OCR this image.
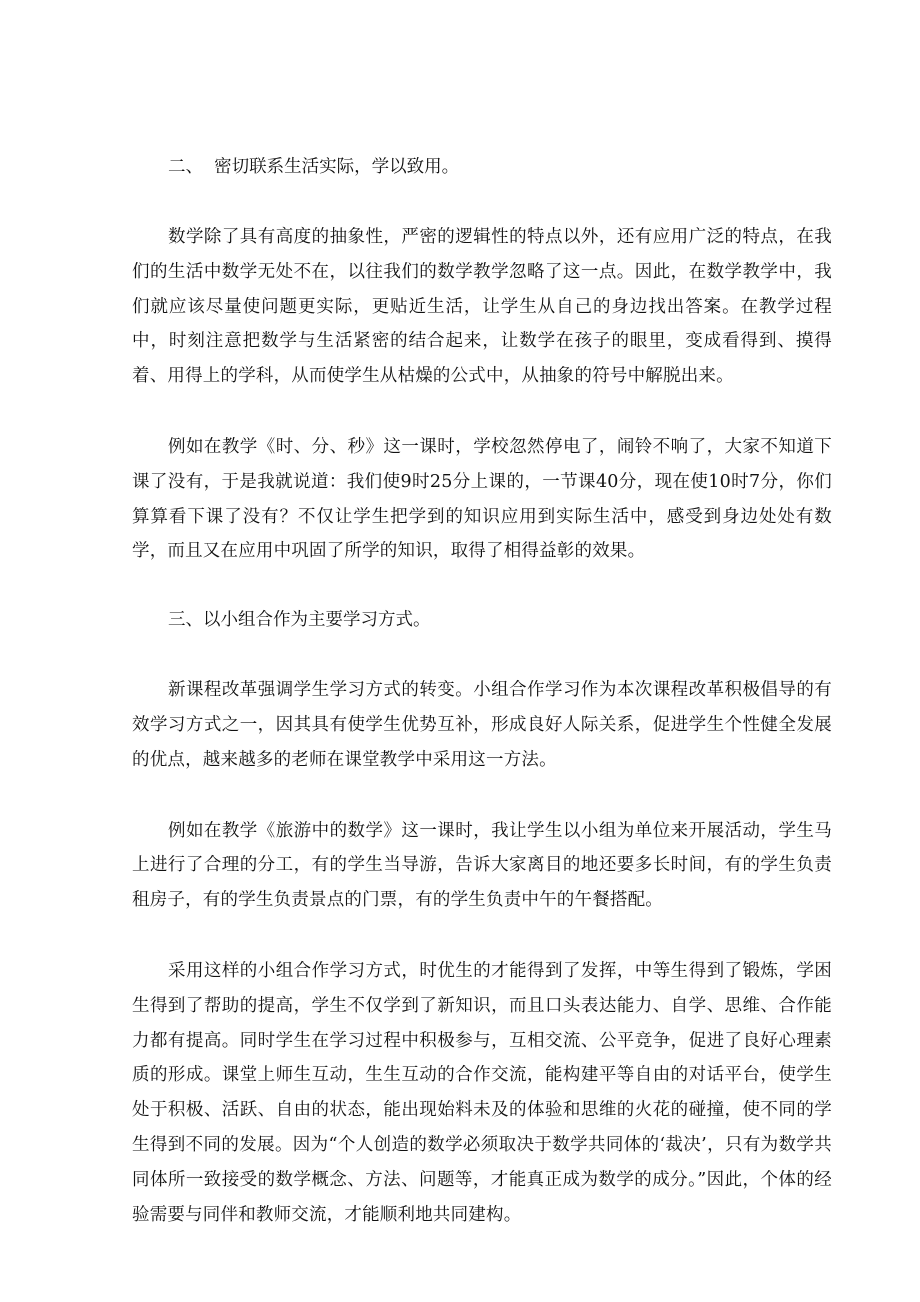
二、  密切联系生活实际，学以致用。

数学除了具有高度的抽象性，严密的逻辑性的特点以外，还有应用广泛的特点，在我们的生活中数学无处不在，以往我们的数学教学忽略了这一点。因此，在数学教学中，我们就应该尽量使问题更实际，更贴近生活，让学生从自己的身边找出答案。在教学过程中，时刻注意把数学与生活紧密的结合起来，让数学在孩子的眼里，变成看得到、摸得着、用得上的学科，从而使学生从枯燥的公式中，从抽象的符号中解脱出来。

例如在教学《时、分、秒》这一课时，学校忽然停电了，闹铃不响了，大家不知道下课了没有，于是我就说道：我们使9时25分上课的，一节课40分，现在使10时7分，你们算算看下课了没有？不仅让学生把学到的知识应用到实际生活中，感受到身边处处有数学，而且又在应用中巩固了所学的知识，取得了相得益彰的效果。

三、以小组合作为主要学习方式。

新课程改革强调学生学习方式的转变。小组合作学习作为本次课程改革积极倡导的有效学习方式之一，因其具有使学生优势互补，形成良好人际关系，促进学生个性健全发展的优点，越来越多的老师在课堂教学中采用这一方法。

例如在教学《旅游中的数学》这一课时，我让学生以小组为单位来开展活动，学生马上进行了合理的分工，有的学生当导游，告诉大家离目的地还要多长时间，有的学生负责租房子，有的学生负责景点的门票，有的学生负责中午的午餐搭配。

采用这样的小组合作学习方式，时优生的才能得到了发挥，中等生得到了锻炼，学困生得到了帮助的提高，学生不仅学到了新知识，而且口头表达能力、自学、思维、合作能力都有提高。同时学生在学习过程中积极参与，互相交流、公平竞争，促进了良好心理素质的形成。课堂上师生互动，生生互动的合作交流，能构建平等自由的对话平台，使学生处于积极、活跃、自由的状态，能出现始料未及的体验和思维的火花的碰撞，使不同的学生得到不同的发展。因为“个人创造的数学必须取决于数学共同体的‘裁决’，只有为数学共同体所一致接受的数学概念、方法、问题等，才能真正成为数学的成分。”因此，个体的经验需要与同伴和教师交流，才能顺利地共同建构。
